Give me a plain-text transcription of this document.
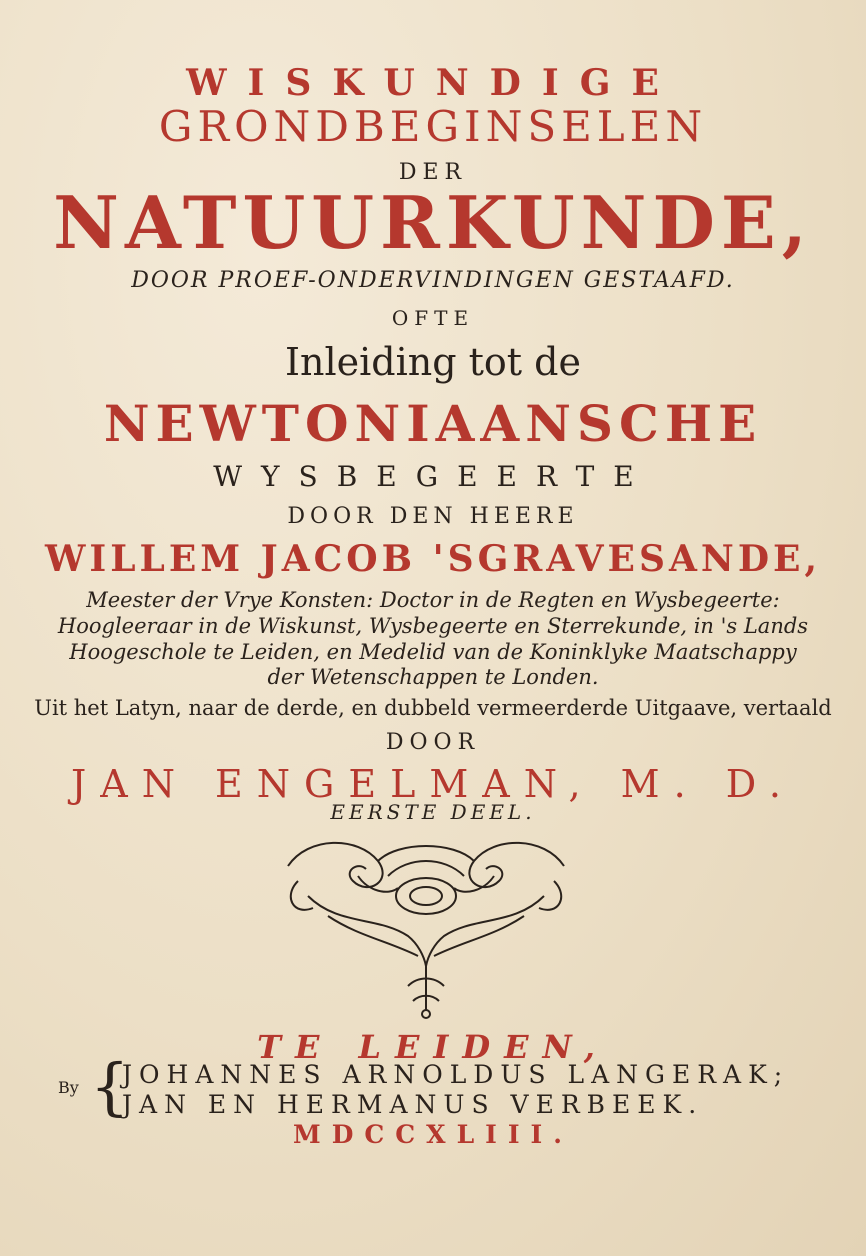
WISKUNDIGE
GRONDBEGINSELEN
DER
NATUURKUNDE,
DOOR PROEF-ONDERVINDINGEN GESTAAFD.
OFTE
Inleiding tot de
NEWTONIAANSCHE
WYSBEGEERTE
DOOR DEN HEERE
WILLEM JACOB 'SGRAVESANDE,
Meester der Vrye Konsten: Doctor in de Regten en Wysbegeerte:
Hoogleeraar in de Wiskunst, Wysbegeerte en Sterrekunde, in 's Lands
Hoogeschole te Leiden, en Medelid van de Koninklyke Maatschappy
der Wetenschappen te Londen.
Uit het Latyn, naar de derde, en dubbeld vermeerderde Uitgaave, vertaald
DOOR
JAN ENGELMAN, M. D.
EERSTE DEEL.
TE LEIDEN,
By {
JOHANNES ARNOLDUS LANGERAK;
JAN EN HERMANUS VERBEEK.
MDCCXLIII.
